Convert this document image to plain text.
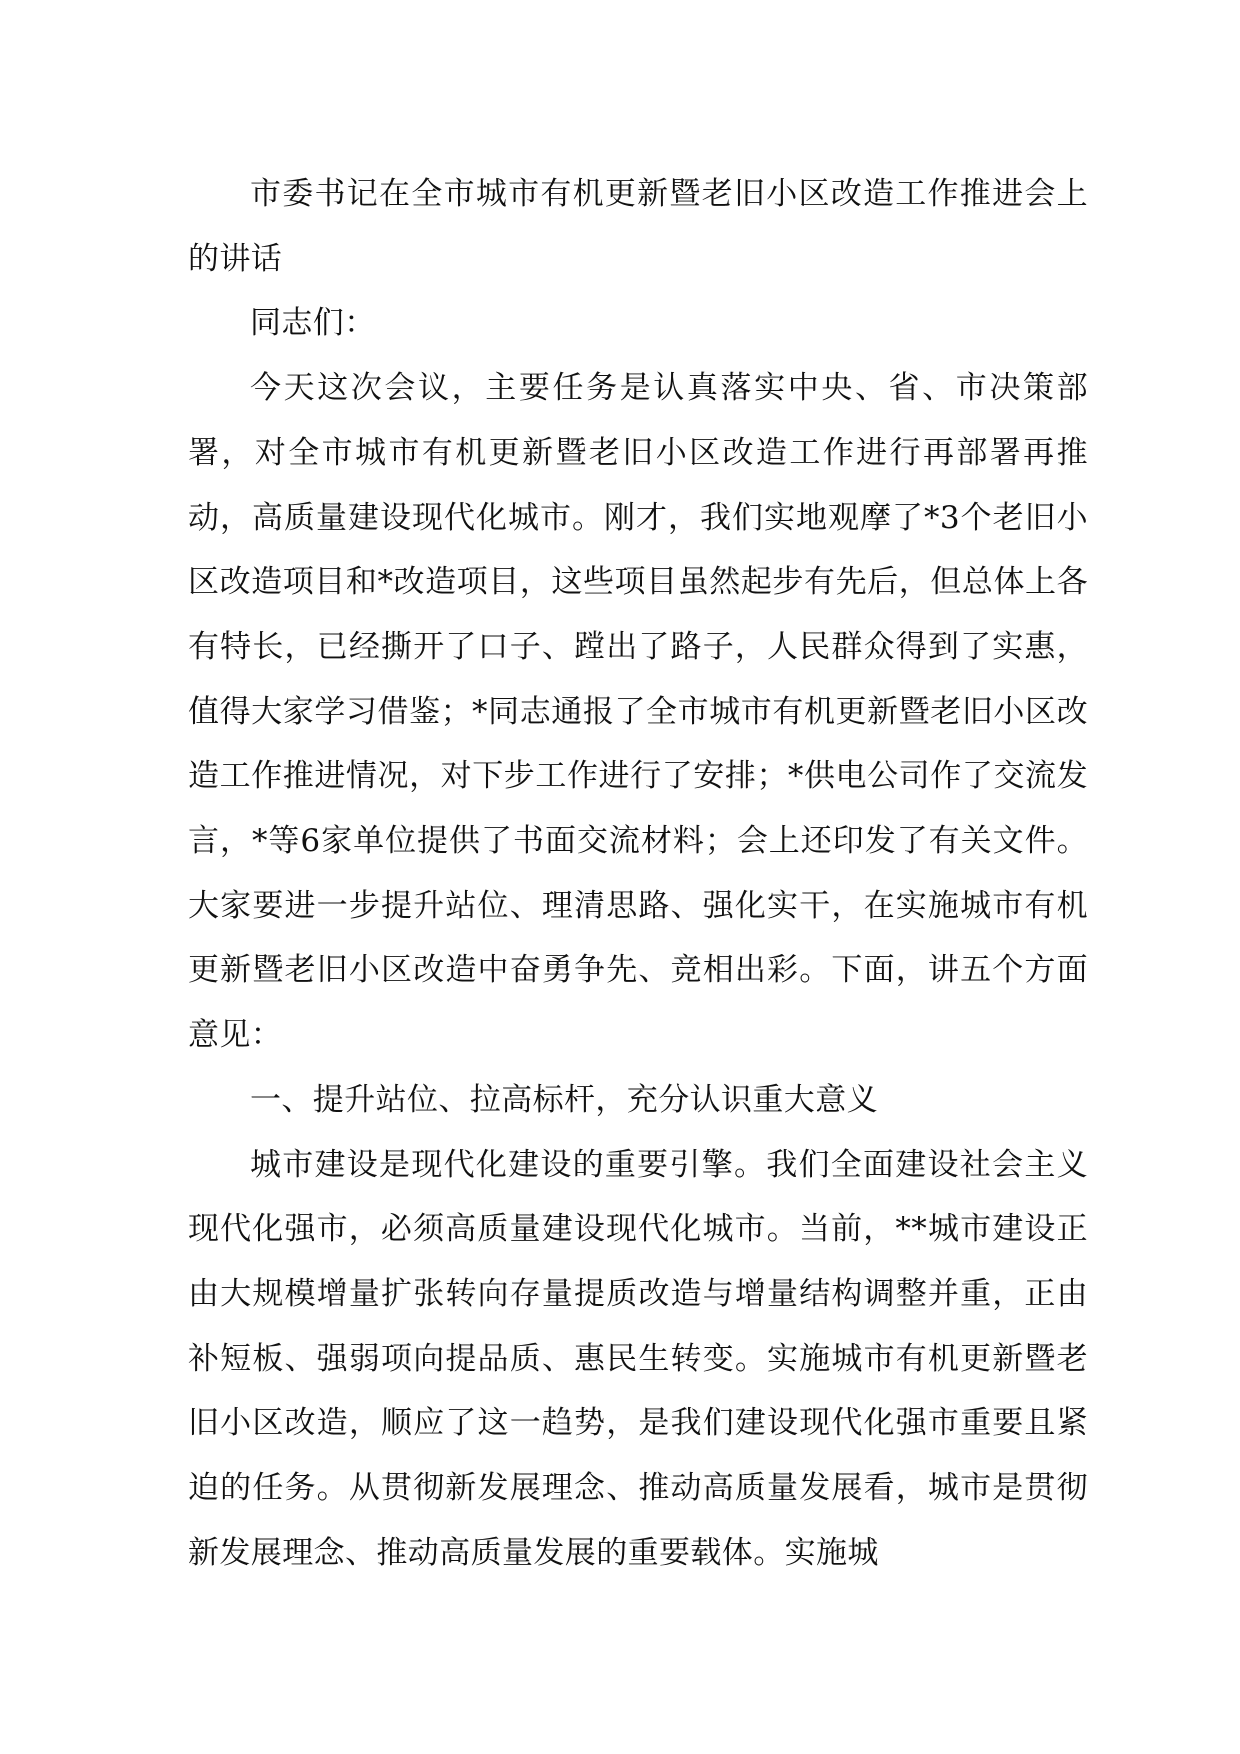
市委书记在全市城市有机更新暨老旧小区改造工作推进会上的讲话

同志们：

今天这次会议，主要任务是认真落实中央、省、市决策部署，对全市城市有机更新暨老旧小区改造工作进行再部署再推动，高质量建设现代化城市。刚才，我们实地观摩了*3个老旧小区改造项目和*改造项目，这些项目虽然起步有先后，但总体上各有特长，已经撕开了口子、蹚出了路子，人民群众得到了实惠，值得大家学习借鉴；*同志通报了全市城市有机更新暨老旧小区改造工作推进情况，对下步工作进行了安排；*供电公司作了交流发言，*等6家单位提供了书面交流材料；会上还印发了有关文件。大家要进一步提升站位、理清思路、强化实干，在实施城市有机更新暨老旧小区改造中奋勇争先、竞相出彩。下面，讲五个方面意见：

一、提升站位、拉高标杆，充分认识重大意义

城市建设是现代化建设的重要引擎。我们全面建设社会主义现代化强市，必须高质量建设现代化城市。当前，**城市建设正由大规模增量扩张转向存量提质改造与增量结构调整并重，正由补短板、强弱项向提品质、惠民生转变。实施城市有机更新暨老旧小区改造，顺应了这一趋势，是我们建设现代化强市重要且紧迫的任务。从贯彻新发展理念、推动高质量发展看，城市是贯彻新发展理念、推动高质量发展的重要载体。实施城
